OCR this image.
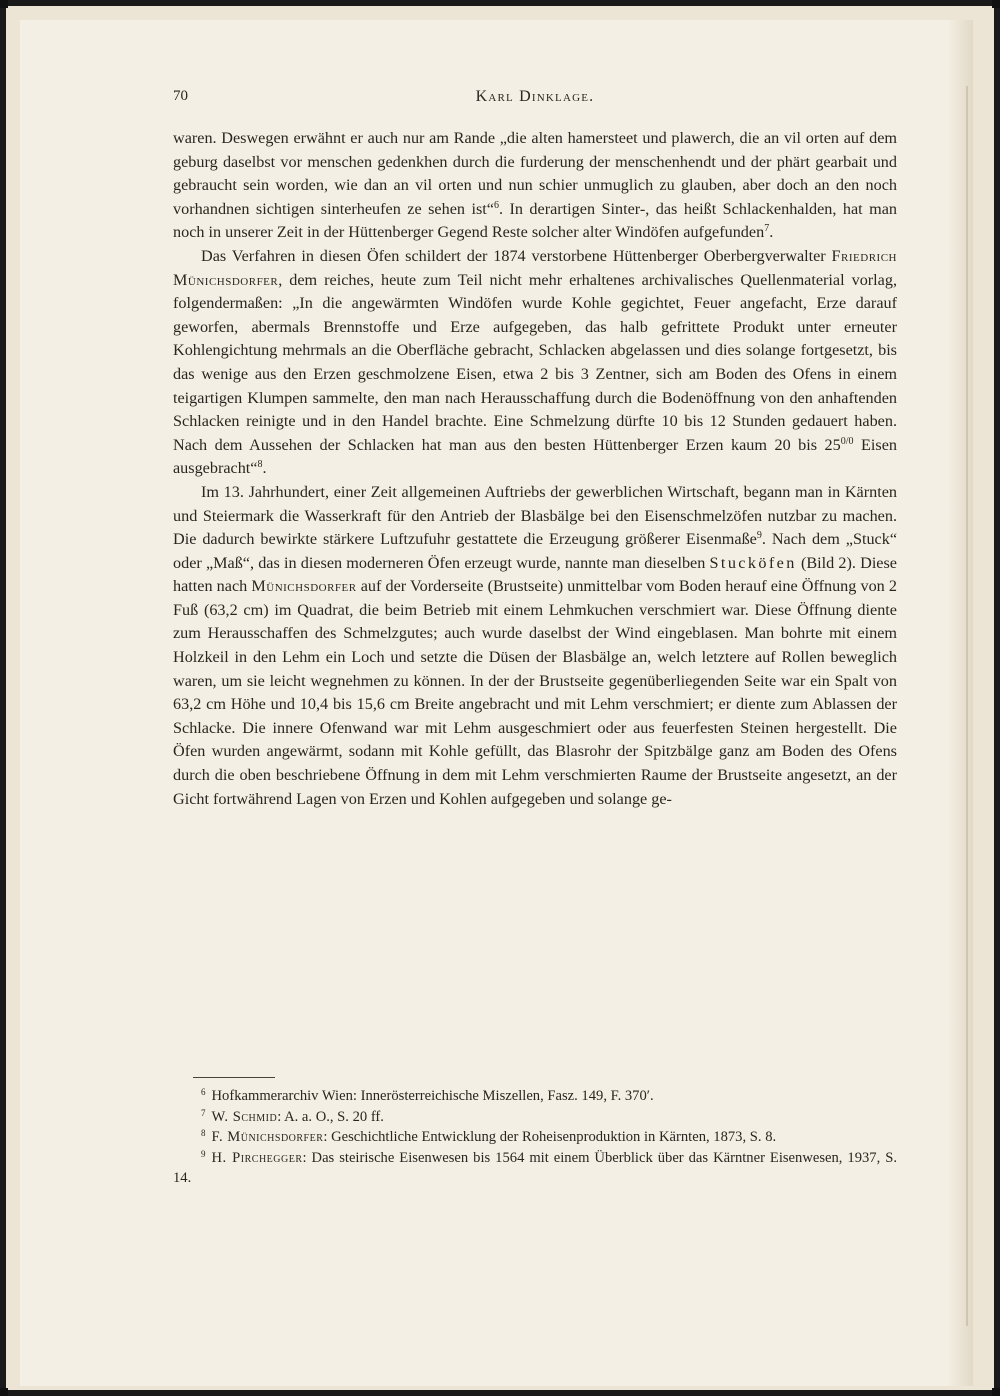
70	Karl Dinklage.

waren. Deswegen erwähnt er auch nur am Rande „die alten hamersteet und plawerch, die an vil orten auf dem geburg daselbst vor menschen gedenkhen durch die furderung der menschenhendt und der phärt gearbait und gebraucht sein worden, wie dan an vil orten und nun schier unmuglich zu glauben, aber doch an den noch vorhandnen sichtigen sinterheufen ze sehen ist“$^6$. In derartigen Sinter-, das heißt Schlackenhalden, hat man noch in unserer Zeit in der Hüttenberger Gegend Reste solcher alter Windöfen aufgefunden$^7$.

Das Verfahren in diesen Öfen schildert der 1874 verstorbene Hüttenberger Oberbergverwalter Friedrich Münichsdorfer, dem reiches, heute zum Teil nicht mehr erhaltenes archivalisches Quellenmaterial vorlag, folgendermaßen: „In die angewärmten Windöfen wurde Kohle gegichtet, Feuer angefacht, Erze darauf geworfen, abermals Brennstoffe und Erze aufgegeben, das halb gefrittete Produkt unter erneuter Kohlengichtung mehrmals an die Oberfläche gebracht, Schlacken abgelassen und dies solange fortgesetzt, bis das wenige aus den Erzen geschmolzene Eisen, etwa 2 bis 3 Zentner, sich am Boden des Ofens in einem teigartigen Klumpen sammelte, den man nach Herausschaffung durch die Bodenöffnung von den anhaftenden Schlacken reinigte und in den Handel brachte. Eine Schmelzung dürfte 10 bis 12 Stunden gedauert haben. Nach dem Aussehen der Schlacken hat man aus den besten Hüttenberger Erzen kaum 20 bis $25^{0/0}$ Eisen ausgebracht“$^8$.

Im 13. Jahrhundert, einer Zeit allgemeinen Auftriebs der gewerblichen Wirtschaft, begann man in Kärnten und Steiermark die Wasserkraft für den Antrieb der Blasbälge bei den Eisenschmelzöfen nutzbar zu machen. Die dadurch bewirkte stärkere Luftzufuhr gestattete die Erzeugung größerer Eisenmaße$^9$. Nach dem „Stuck“ oder „Maß“, das in diesen moderneren Öfen erzeugt wurde, nannte man dieselben Stucköfen (Bild 2). Diese hatten nach Münichsdorfer auf der Vorderseite (Brustseite) unmittelbar vom Boden herauf eine Öffnung von 2 Fuß (63,2 cm) im Quadrat, die beim Betrieb mit einem Lehmkuchen verschmiert war. Diese Öffnung diente zum Herausschaffen des Schmelzgutes; auch wurde daselbst der Wind eingeblasen. Man bohrte mit einem Holzkeil in den Lehm ein Loch und setzte die Düsen der Blasbälge an, welch letztere auf Rollen beweglich waren, um sie leicht wegnehmen zu können. In der der Brustseite gegenüberliegenden Seite war ein Spalt von 63,2 cm Höhe und 10,4 bis 15,6 cm Breite angebracht und mit Lehm verschmiert; er diente zum Ablassen der Schlacke. Die innere Ofenwand war mit Lehm ausgeschmiert oder aus feuerfesten Steinen hergestellt. Die Öfen wurden angewärmt, sodann mit Kohle gefüllt, das Blasrohr der Spitzbälge ganz am Boden des Ofens durch die oben beschriebene Öffnung in dem mit Lehm verschmierten Raume der Brustseite angesetzt, an der Gicht fortwährend Lagen von Erzen und Kohlen aufgegeben und solange ge-

$^6$ Hofkammerarchiv Wien: Innerösterreichische Miszellen, Fasz. 149, F. 370′.

$^7$ W. Schmid: A. a. O., S. 20 ff.

$^8$ F. Münichsdorfer: Geschichtliche Entwicklung der Roheisenproduktion in Kärnten, 1873, S. 8.

$^9$ H. Pirchegger: Das steirische Eisenwesen bis 1564 mit einem Überblick über das Kärntner Eisenwesen, 1937, S. 14.
